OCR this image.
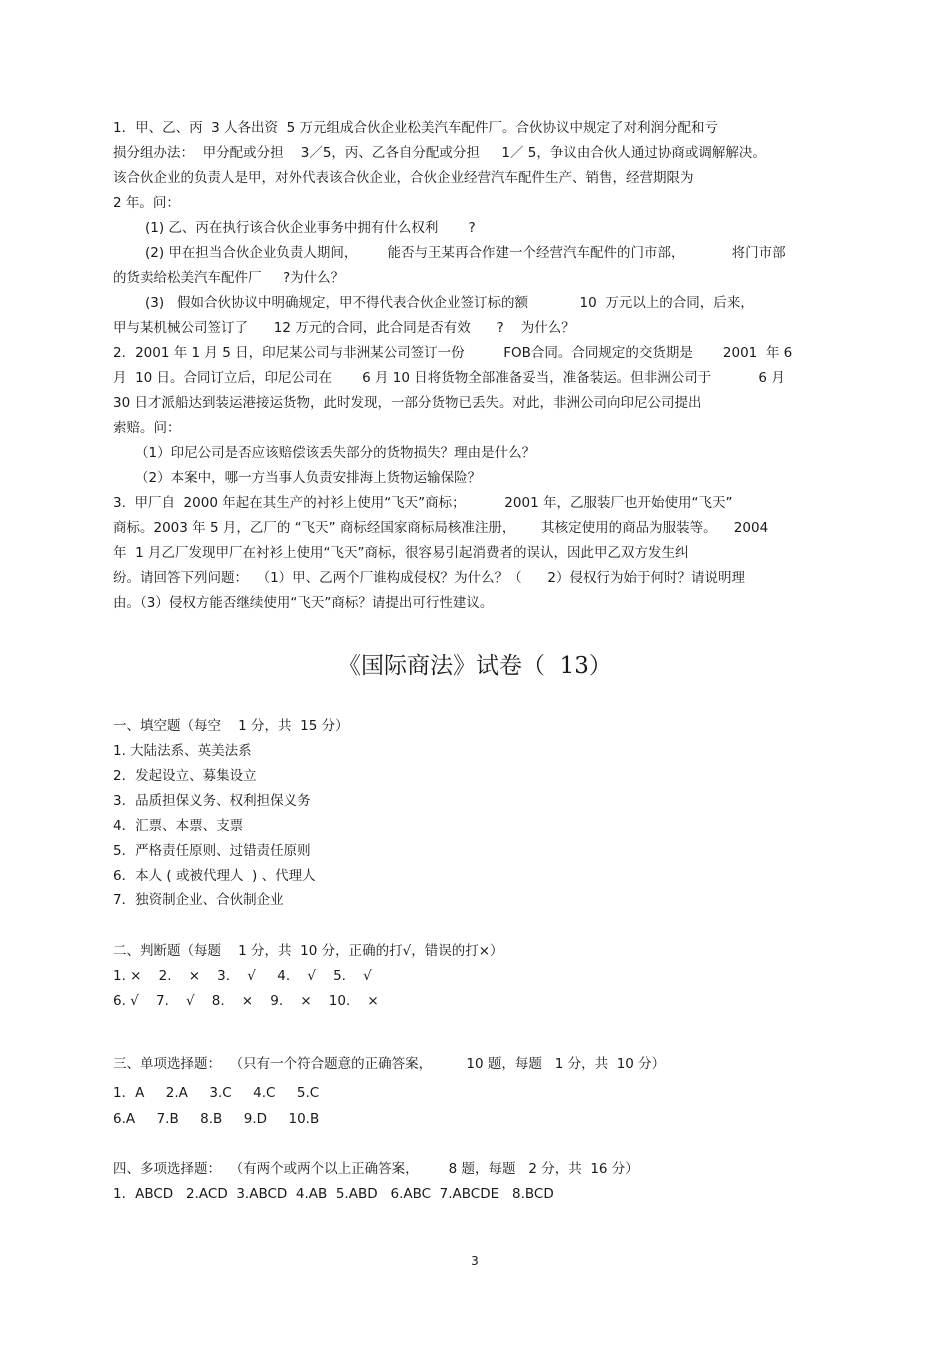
1．甲、乙、丙  3 人各出资  5 万元组成合伙企业松美汽车配件厂。合伙协议中规定了对利润分配和亏
损分组办法：  甲分配或分担    3／5，丙、乙各自分配或分担     1／ 5，争议由合伙人通过协商或调解解决。
该合伙企业的负责人是甲，对外代表该合伙企业，合伙企业经营汽车配件生产、销售，经营期限为
2 年。问：
(1) 乙、丙在执行该合伙企业事务中拥有什么权利       ?
(2) 甲在担当合伙企业负责人期间，       能否与王某再合作建一个经营汽车配件的门市部，           将门市部
的货卖给松美汽车配件厂     ?为什么？
(3)   假如合伙协议中明确规定，甲不得代表合伙企业签订标的额            10  万元以上的合同，后来，
甲与某机械公司签订了      12 万元的合同，此合同是否有效      ?    为什么？
2．2001 年 1 月 5 日，印尼某公司与非洲某公司签订一份         FOB合同。合同规定的交货期是       2001  年 6
月  10 日。合同订立后，印尼公司在       6 月 10 日将货物全部准备妥当，准备装运。但非洲公司于           6 月
30 日才派船达到装运港接运货物，此时发现，一部分货物已丢失。对此，非洲公司向印尼公司提出
索赔。问：
（1）印尼公司是否应该赔偿该丢失部分的货物损失？理由是什么？
（2）本案中，哪一方当事人负责安排海上货物运输保险？
3.  甲厂自  2000 年起在其生产的衬衫上使用“飞天”商标；         2001 年，乙服装厂也开始使用“飞天”
商标。2003 年 5 月，乙厂的 “飞天” 商标经国家商标局核准注册，      其核定使用的商品为服装等。    2004
年  1 月乙厂发现甲厂在衬衫上使用“飞天”商标，很容易引起消费者的误认，因此甲乙双方发生纠
纷。请回答下列问题：  （1）甲、乙两个厂谁构成侵权？为什么？（      2）侵权行为始于何时？请说明理
由。（3）侵权方能否继续使用“飞天”商标？请提出可行性建议。
《国际商法》试卷（  13）
一、填空题（每空    1 分，共  15 分）
1. 大陆法系、英美法系
2．发起设立、募集设立
3．品质担保义务、权利担保义务
4．汇票、本票、支票
5．严格责任原则、过错责任原则
6．本人 ( 或被代理人  ) 、代理人
7．独资制企业、合伙制企业
二、判断题（每题    1 分，共  10 分，正确的打√，错误的打×）
1. ×    2.    ×    3.    √     4.    √    5.    √
6. √    7.    √    8.    ×    9.    ×    10.    ×
三、单项选择题：  （只有一个符合题意的正确答案，        10 题，每题   1 分，共  10 分）
1．A     2.A     3.C     4.C     5.C
6.A     7.B     8.B     9.D     10.B
四、多项选择题：  （有两个或两个以上正确答案，       8 题，每题   2 分，共  16 分）
1．ABCD   2.ACD  3.ABCD  4.AB  5.ABD   6.ABC  7.ABCDE   8.BCD
3
